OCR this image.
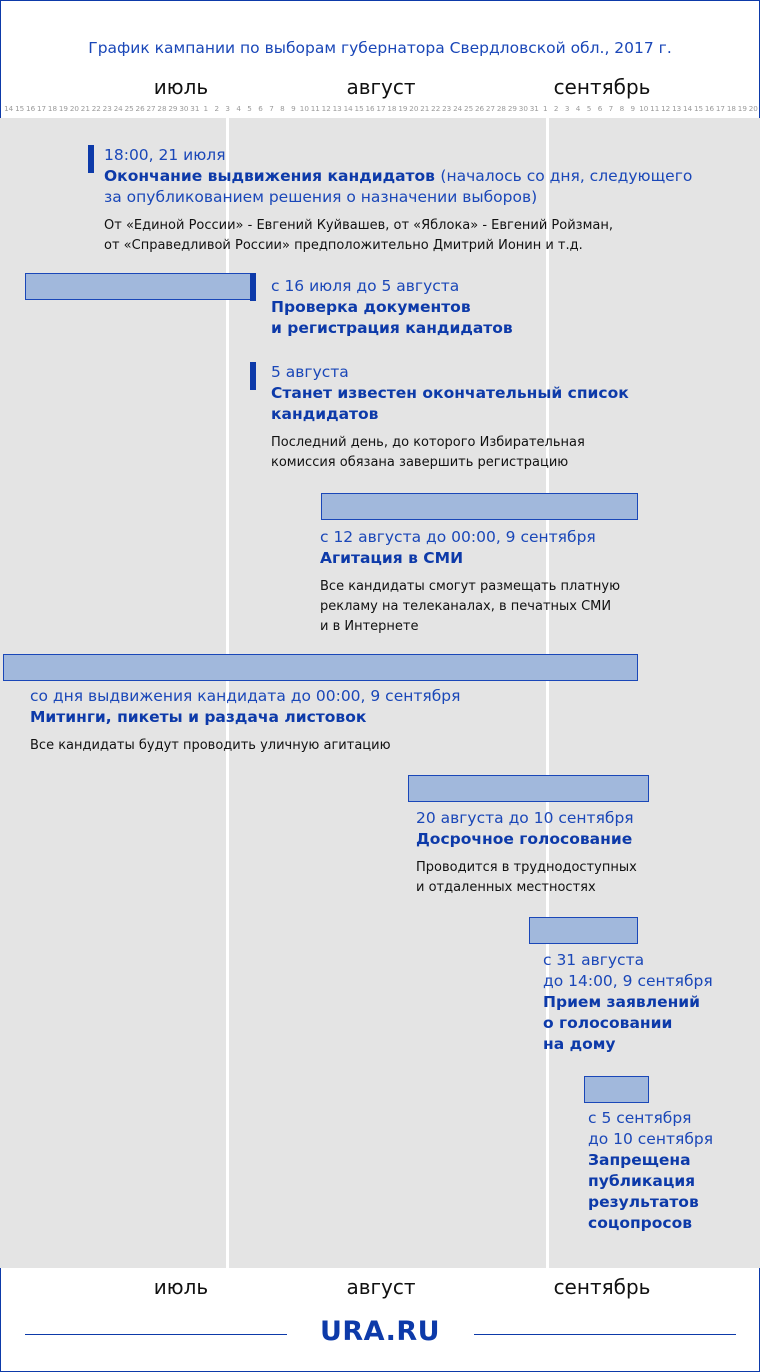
График кампании по выборам губернатора Свердловской обл., 2017 г.
июль	август	сентябрь
14 15 16 17 18 19 20 21 22 23 24 25 26 27 28 29 30 31 1 2 3 4 5 6 7 8 9 10 11 12 13 14 15 16 17 18 19 20 21 22 23 24 25 26 27 28 29 30 31 1 2 3 4 5 6 7 8 9 10 11 12 13 14 15 16 17 18 19 20
18:00, 21 июля
Окончание выдвижения кандидатов (началось со дня, следующего за опубликованием решения о назначении выборов)
От «Единой России» - Евгений Куйвашев, от «Яблока» - Евгений Ройзман,
от «Справедливой России» предположительно Дмитрий Ионин и т.д.
с 16 июля до 5 августа
Проверка документов
и регистрация кандидатов
5 августа
Станет известен окончательный список
кандидатов
Последний день, до которого Избирательная
комиссия обязана завершить регистрацию
с 12 августа до 00:00, 9 сентября
Агитация в СМИ
Все кандидаты смогут размещать платную
рекламу на телеканалах, в печатных СМИ
и в Интернете
со дня выдвижения кандидата до 00:00, 9 сентября
Митинги, пикеты и раздача листовок
Все кандидаты будут проводить уличную агитацию
20 августа до 10 сентября
Досрочное голосование
Проводится в труднодоступных
и отдаленных местностях
с 31 августа
до 14:00, 9 сентября
Прием заявлений
о голосовании
на дому
с 5 сентября
до 10 сентября
Запрещена
публикация
результатов
соцопросов
июль	август	сентябрь
URA.RU
